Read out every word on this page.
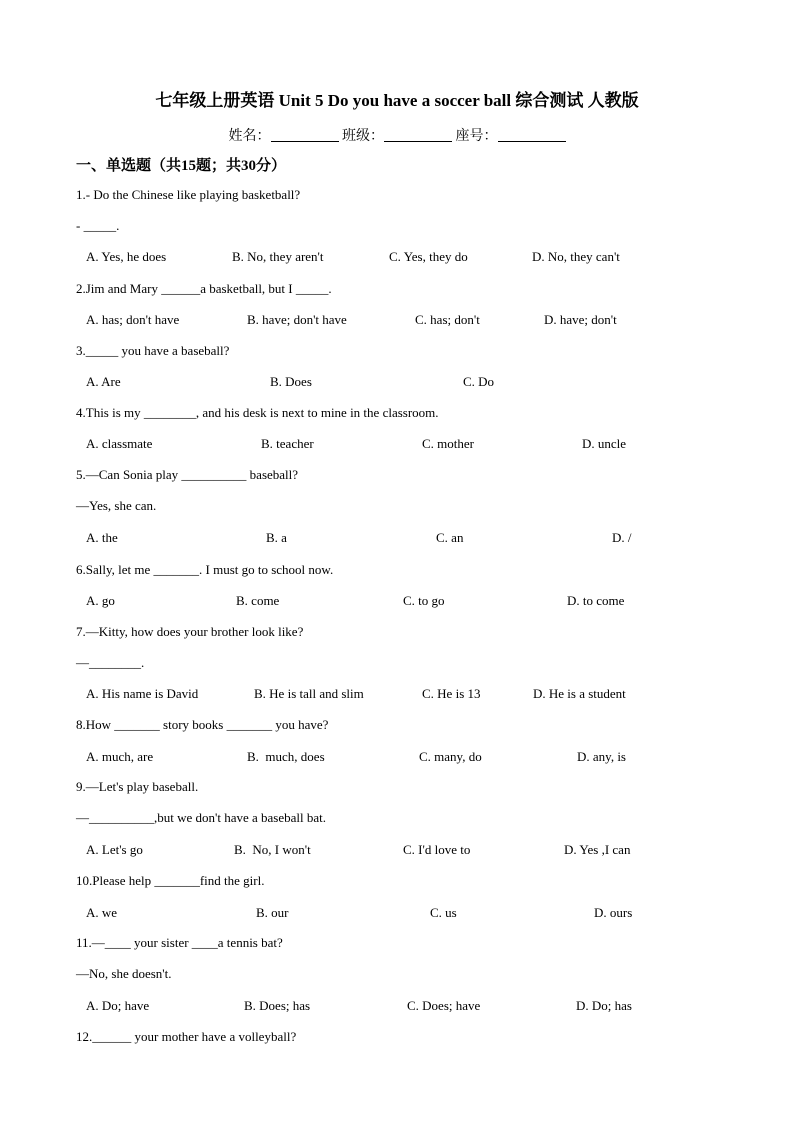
七年级上册英语 Unit 5 Do you have a soccer ball 综合测试 人教版
姓名：	班级：	座号：
一、单选题（共15题；共30分）
1.- Do the Chinese like playing basketball?
- _____.
2.Jim and Mary ______a basketball, but I _____.
3._____ you have a baseball?
4.This is my ________, and his desk is next to mine in the classroom.
5.—Can Sonia play __________ baseball?
—Yes, she can.
6.Sally, let me _______. I must go to school now.
7.—Kitty, how does your brother look like?
—________.
8.How _______ story books _______ you have?
9.—Let's play baseball.
—__________,but we don't have a baseball bat.
10.Please help _______find the girl.
11.—____ your sister ____a tennis bat?
—No, she doesn't.
12.______ your mother have a volleyball?
A. Yes, he does	B. No, they aren't	C. Yes, they do	D. No, they can't
A. has; don't have	B. have; don't have	C. has; don't	D. have; don't
A. Are	B. Does	C. Do
A. classmate	B. teacher	C. mother	D. uncle
A. the	B. a	C. an	D. /
A. go	B. come	C. to go	D. to come
A. His name is David	B. He is tall and slim	C. He is 13	D. He is a student
A. much, are	B.  much, does	C. many, do	D. any, is
A. Let's go	B.  No, I won't	C. I'd love to	D. Yes ,I can
A. we	B. our	C. us	D. ours
A. Do; have	B. Does; has	C. Does; have	D. Do; has
